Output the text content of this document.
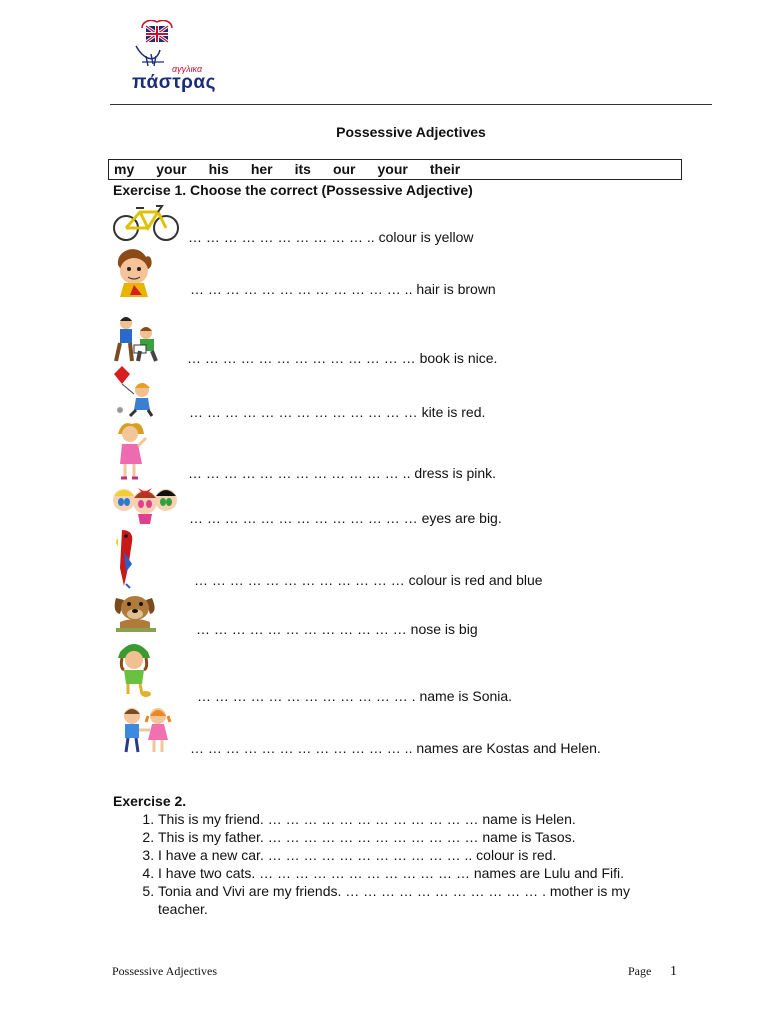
αγγλικα
πάστρας
Possessive Adjectives
my your his her its our your their
Exercise 1. Choose the correct (Possessive Adjective)
… … … … … … … … … … .. colour is yellow
… … … … … … … … … … … … .. hair is brown
… … … … … … … … … … … … … book is nice.
… … … … … … … … … … … … … kite is red.
… … … … … … … … … … … … .. dress is pink.
… … … … … … … … … … … … … eyes are big.
… … … … … … … … … … … … colour is red and blue
… … … … … … … … … … … … nose is big
… … … … … … … … … … … … . name is Sonia.
… … … … … … … … … … … … .. names are Kostas and Helen.
Exercise 2.
1. This is my friend. … … … … … … … … … … … … name is Helen.
2. This is my father. … … … … … … … … … … … … name is Tasos.
3. I have a new car. … … … … … … … … … … … .. colour is red.
4. I have two cats. … … … … … … … … … … … … names are Lulu and Fifi.
5. Tonia and Vivi are my friends. … … … … … … … … … … … . mother is my teacher.
Possessive Adjectives	Page 1
